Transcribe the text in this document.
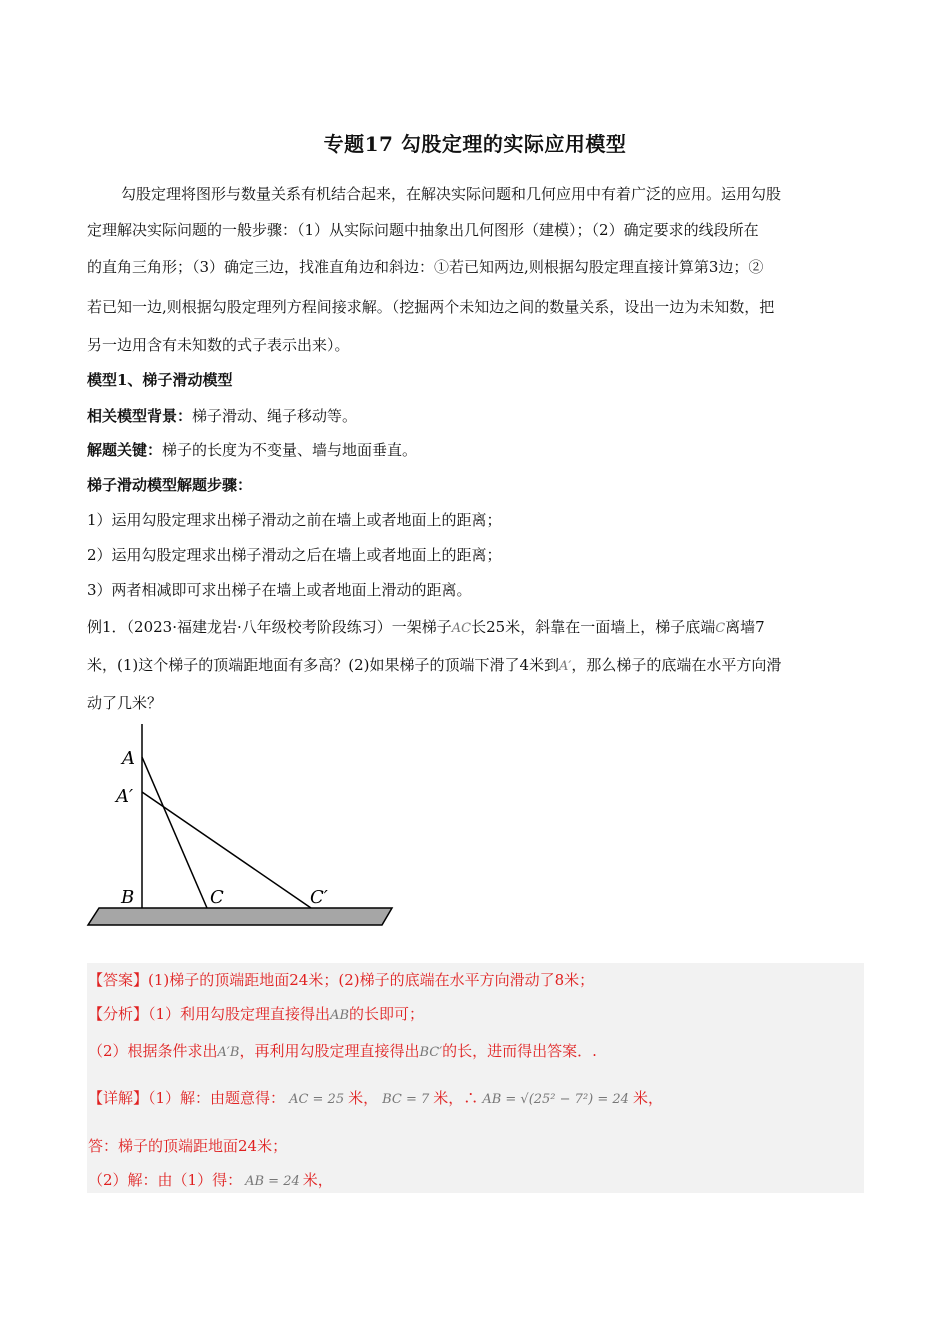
专题17 勾股定理的实际应用模型
勾股定理将图形与数量关系有机结合起来，在解决实际问题和几何应用中有着广泛的应用。运用勾股
定理解决实际问题的一般步骤：（1）从实际问题中抽象出几何图形（建模）；（2）确定要求的线段所在
的直角三角形；（3）确定三边，找准直角边和斜边：①若已知两边,则根据勾股定理直接计算第3边；②
若已知一边,则根据勾股定理列方程间接求解。（挖掘两个未知边之间的数量关系，设出一边为未知数，把
另一边用含有未知数的式子表示出来）。
模型1、梯子滑动模型
相关模型背景：梯子滑动、绳子移动等。
解题关键：梯子的长度为不变量、墙与地面垂直。
梯子滑动模型解题步骤：
1）运用勾股定理求出梯子滑动之前在墙上或者地面上的距离；
2）运用勾股定理求出梯子滑动之后在墙上或者地面上的距离；
3）两者相减即可求出梯子在墙上或者地面上滑动的距离。
例1．（2023·福建龙岩·八年级校考阶段练习）一架梯子AC长25米，斜靠在一面墙上，梯子底端C离墙7
米，(1)这个梯子的顶端距地面有多高？(2)如果梯子的顶端下滑了4米到A′，那么梯子的底端在水平方向滑
动了几米？
A
A′
B	C	C′
【答案】(1)梯子的顶端距地面24米；(2)梯子的底端在水平方向滑动了8米；
【分析】（1）利用勾股定理直接得出AB的长即可；
（2）根据条件求出A′B，再利用勾股定理直接得出BC′的长，进而得出答案．.
【详解】（1）解：由题意得： AC = 25 米， BC = 7 米，∴ AB = √(25² − 7²) = 24 米，
答：梯子的顶端距地面24米；
（2）解：由（1）得： AB = 24 米，
